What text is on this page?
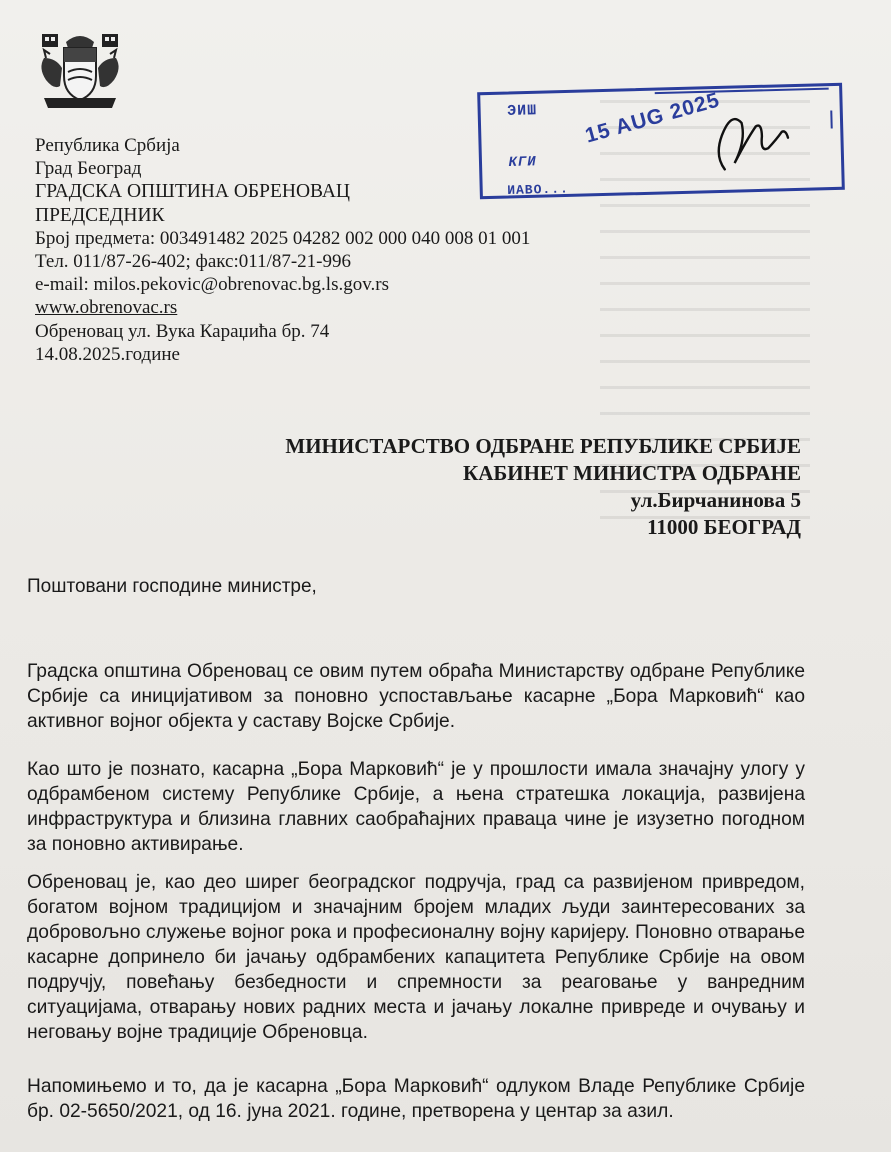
Република Србија
Град Београд
ГРАДСКА ОПШТИНА ОБРЕНОВАЦ
ПРЕДСЕДНИК
Број предмета: 003491482 2025 04282 002 000 040 008 01 001
Тел. 011/87-26-402; факс:011/87-21-996
e-mail: milos.pekovic@obrenovac.bg.ls.gov.rs
www.obrenovac.rs
Обреновац ул. Вука Караџића бр. 74
14.08.2025.године
ЭИШ
КГИ
15 AUG 2025
ИАВО...
МИНИСТАРСТВО ОДБРАНЕ РЕПУБЛИКЕ СРБИЈЕ
КАБИНЕТ МИНИСТРА ОДБРАНЕ
ул.Бирчанинова 5
11000 БЕОГРАД
Поштовани господине министре,
Градска општина Обреновац се овим путем обраћа Министарству одбране Републике Србије са иницијативом за поновно успостављање касарне „Бора Марковић“ као активног војног објекта у саставу Војске Србије.
Као што је познато, касарна „Бора Марковић“ је у прошлости имала значајну улогу у одбрамбеном систему Републике Србије, а њена стратешка локација, развијена инфраструктура и близина главних саобраћајних праваца чине је изузетно погодном за поновно активирање.
Обреновац је, као део ширег београдског подручја, град са развијеном привредом, богатом војном традицијом и значајним бројем младих људи заинтересованих за добровољно служење војног рока и професионалну војну каријеру. Поновно отварање касарне допринело би јачању одбрамбених капацитета Републике Србије на овом подручју, повећању безбедности и спремности за реаговање у ванредним ситуацијама, отварању нових радних места и јачању локалне привреде и очувању и неговању војне традиције Обреновца.
Напомињемо и то, да је касарна „Бора Марковић“ одлуком Владе Републике Србије бр. 02-5650/2021, од 16. јуна 2021. године, претворена у центар за азил.
